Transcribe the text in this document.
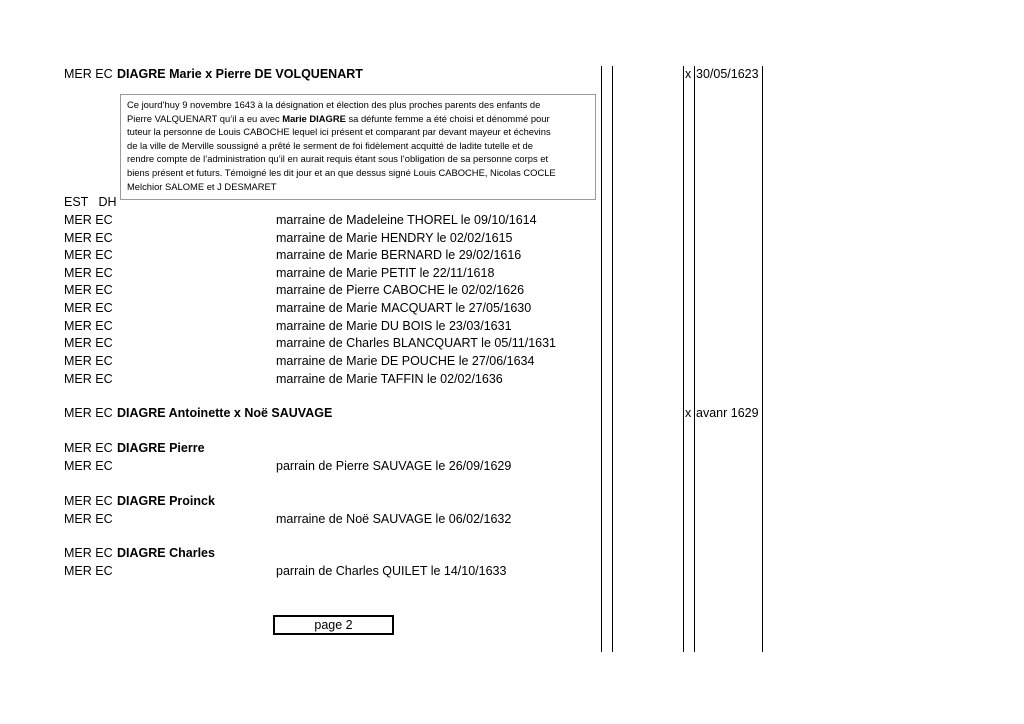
MER EC DIAGRE Marie x Pierre DE VOLQUENART	x 30/05/1623
Ce jourd’huy 9 novembre 1643 à la désignation et élection des plus proches parents des enfants de
Pierre VALQUENART qu’il a eu avec Marie DIAGRE sa défunte femme a été choisi et dénommé pour
tuteur la personne de Louis CABOCHE lequel ici présent et comparant par devant mayeur et échevins
de la ville de Merville soussigné a prêté le serment de foi fidèlement acquitté de ladite tutelle et de
rendre compte de l’administration qu’il en aurait requis étant sous l’obligation de sa personne corps et
biens présent et futurs. Témoigné les dit jour et an que dessus signé Louis CABOCHE, Nicolas COCLE
Melchior SALOME et J DESMARET
EST   DH
MER EC	marraine de Madeleine THOREL le 09/10/1614
MER EC	marraine de Marie HENDRY le 02/02/1615
MER EC	marraine de Marie BERNARD le 29/02/1616
MER EC	marraine de Marie PETIT le 22/11/1618
MER EC	marraine de Pierre CABOCHE le 02/02/1626
MER EC	marraine de Marie MACQUART le 27/05/1630
MER EC	marraine de Marie DU BOIS le 23/03/1631
MER EC	marraine de Charles BLANCQUART le 05/11/1631
MER EC	marraine de Marie DE POUCHE le 27/06/1634
MER EC	marraine de Marie TAFFIN le 02/02/1636
MER EC DIAGRE Antoinette x Noë SAUVAGE	x avanr 1629
MER EC DIAGRE Pierre
MER EC	parrain de Pierre SAUVAGE le 26/09/1629
MER EC DIAGRE Proinck
MER EC	marraine de Noë SAUVAGE le 06/02/1632
MER EC DIAGRE Charles
MER EC	parrain de Charles QUILET le 14/10/1633
page 2
